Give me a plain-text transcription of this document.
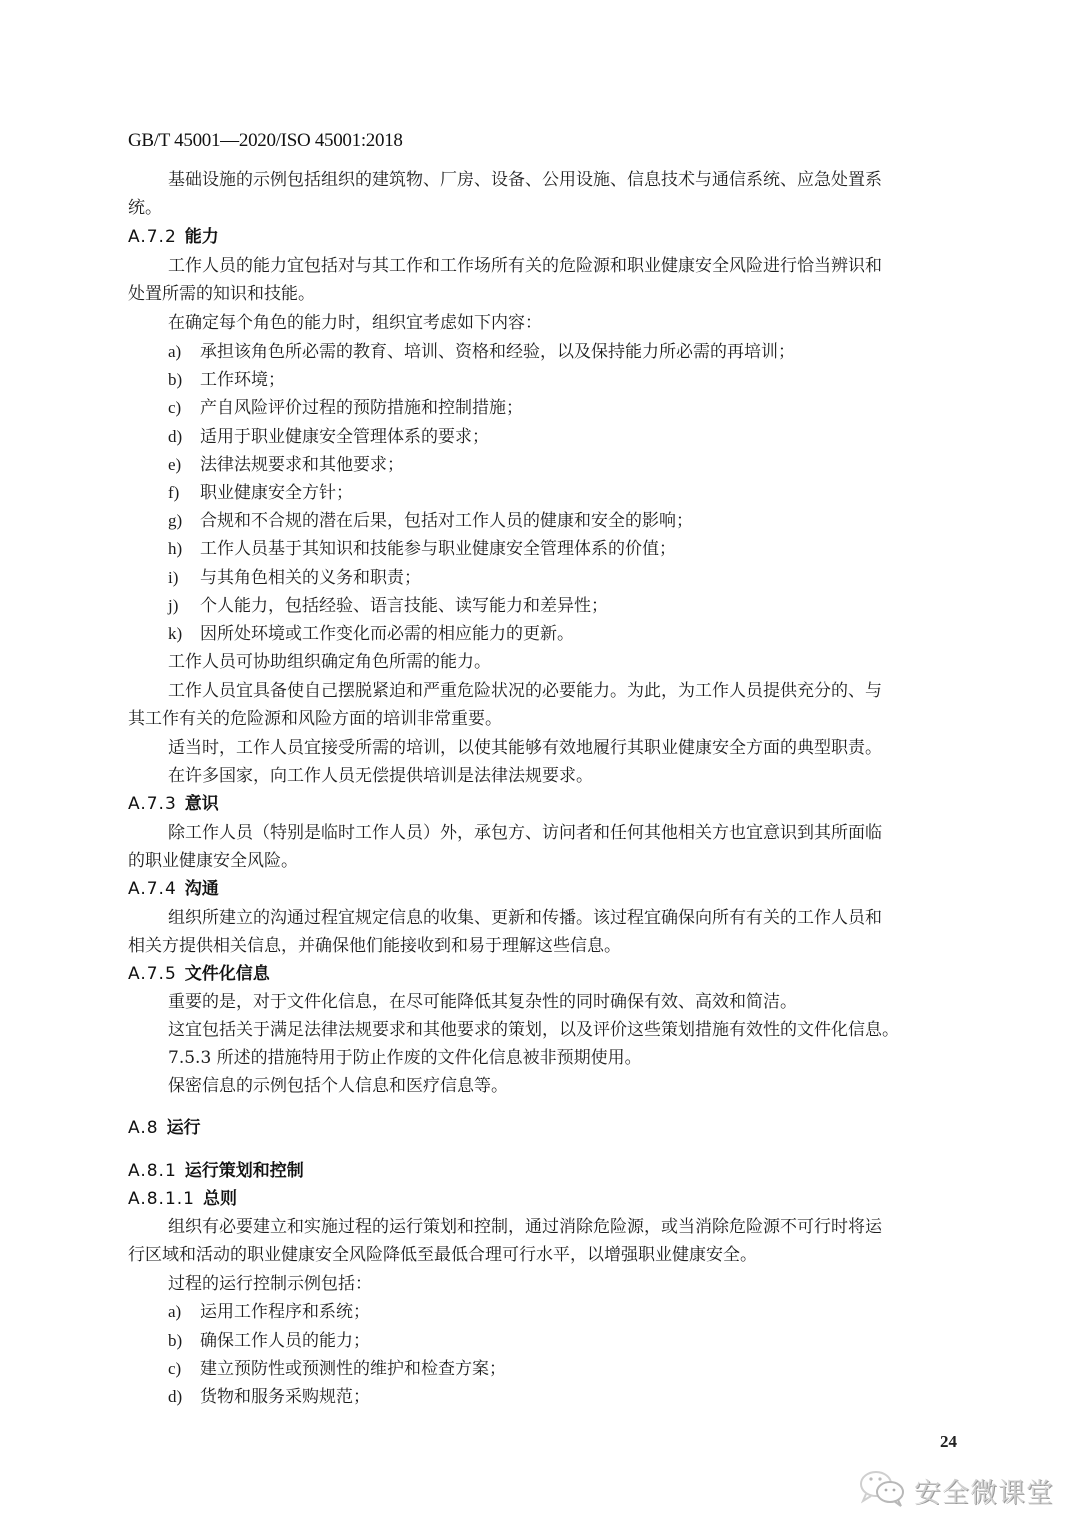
GB/T 45001—2020/ISO 45001:2018
基础设施的示例包括组织的建筑物、厂房、设备、公用设施、信息技术与通信系统、应急处置系
统。
A.7.2 能力
工作人员的能力宜包括对与其工作和工作场所有关的危险源和职业健康安全风险进行恰当辨识和
处置所需的知识和技能。
在确定每个角色的能力时，组织宜考虑如下内容：
a) 承担该角色所必需的教育、培训、资格和经验，以及保持能力所必需的再培训；
b) 工作环境；
c) 产自风险评价过程的预防措施和控制措施；
d) 适用于职业健康安全管理体系的要求；
e) 法律法规要求和其他要求；
f) 职业健康安全方针；
g) 合规和不合规的潜在后果，包括对工作人员的健康和安全的影响；
h) 工作人员基于其知识和技能参与职业健康安全管理体系的价值；
i) 与其角色相关的义务和职责；
j) 个人能力，包括经验、语言技能、读写能力和差异性；
k) 因所处环境或工作变化而必需的相应能力的更新。
工作人员可协助组织确定角色所需的能力。
工作人员宜具备使自己摆脱紧迫和严重危险状况的必要能力。为此，为工作人员提供充分的、与
其工作有关的危险源和风险方面的培训非常重要。
适当时，工作人员宜接受所需的培训，以使其能够有效地履行其职业健康安全方面的典型职责。
在许多国家，向工作人员无偿提供培训是法律法规要求。
A.7.3 意识
除工作人员（特别是临时工作人员）外，承包方、访问者和任何其他相关方也宜意识到其所面临
的职业健康安全风险。
A.7.4 沟通
组织所建立的沟通过程宜规定信息的收集、更新和传播。该过程宜确保向所有有关的工作人员和
相关方提供相关信息，并确保他们能接收到和易于理解这些信息。
A.7.5 文件化信息
重要的是，对于文件化信息，在尽可能降低其复杂性的同时确保有效、高效和简洁。
这宜包括关于满足法律法规要求和其他要求的策划，以及评价这些策划措施有效性的文件化信息。
7.5.3 所述的措施特用于防止作废的文件化信息被非预期使用。
保密信息的示例包括个人信息和医疗信息等。
A.8 运行
A.8.1 运行策划和控制
A.8.1.1 总则
组织有必要建立和实施过程的运行策划和控制，通过消除危险源，或当消除危险源不可行时将运
行区域和活动的职业健康安全风险降低至最低合理可行水平，以增强职业健康安全。
过程的运行控制示例包括：
a) 运用工作程序和系统；
b) 确保工作人员的能力；
c) 建立预防性或预测性的维护和检查方案；
d) 货物和服务采购规范；
24
安全微课堂
